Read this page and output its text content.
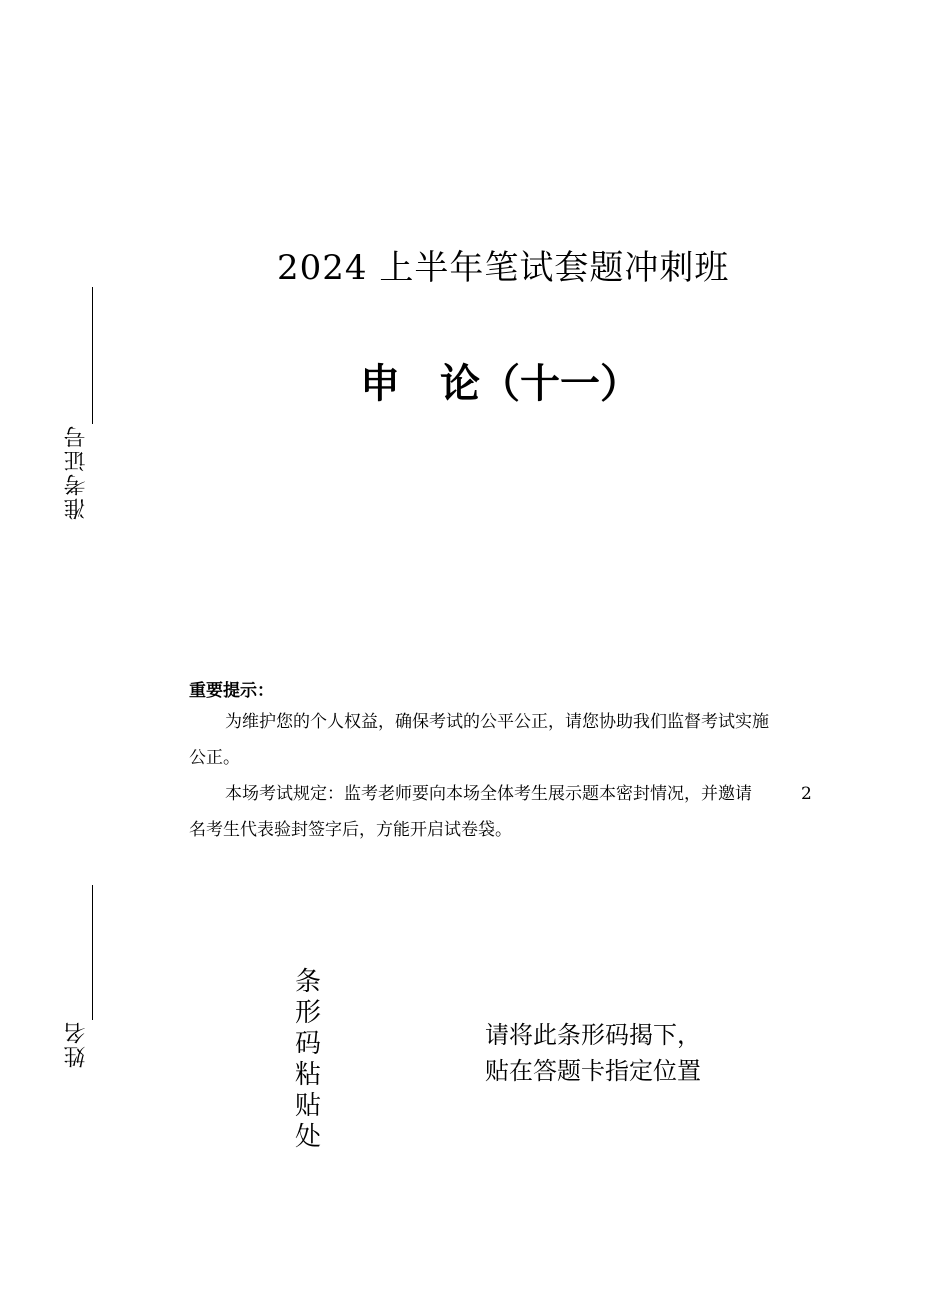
准考证号
姓名
2024 上半年笔试套题冲刺班
申 论（十一）
重要提示：
为维护您的个人权益，确保考试的公平公正，请您协助我们监督考试实施
公正。
本场考试规定：监考老师要向本场全体考生展示题本密封情况，并邀请	2
名考生代表验封签字后，方能开启试卷袋。
条
形
码
粘
贴
处
请将此条形码揭下，
贴在答题卡指定位置
